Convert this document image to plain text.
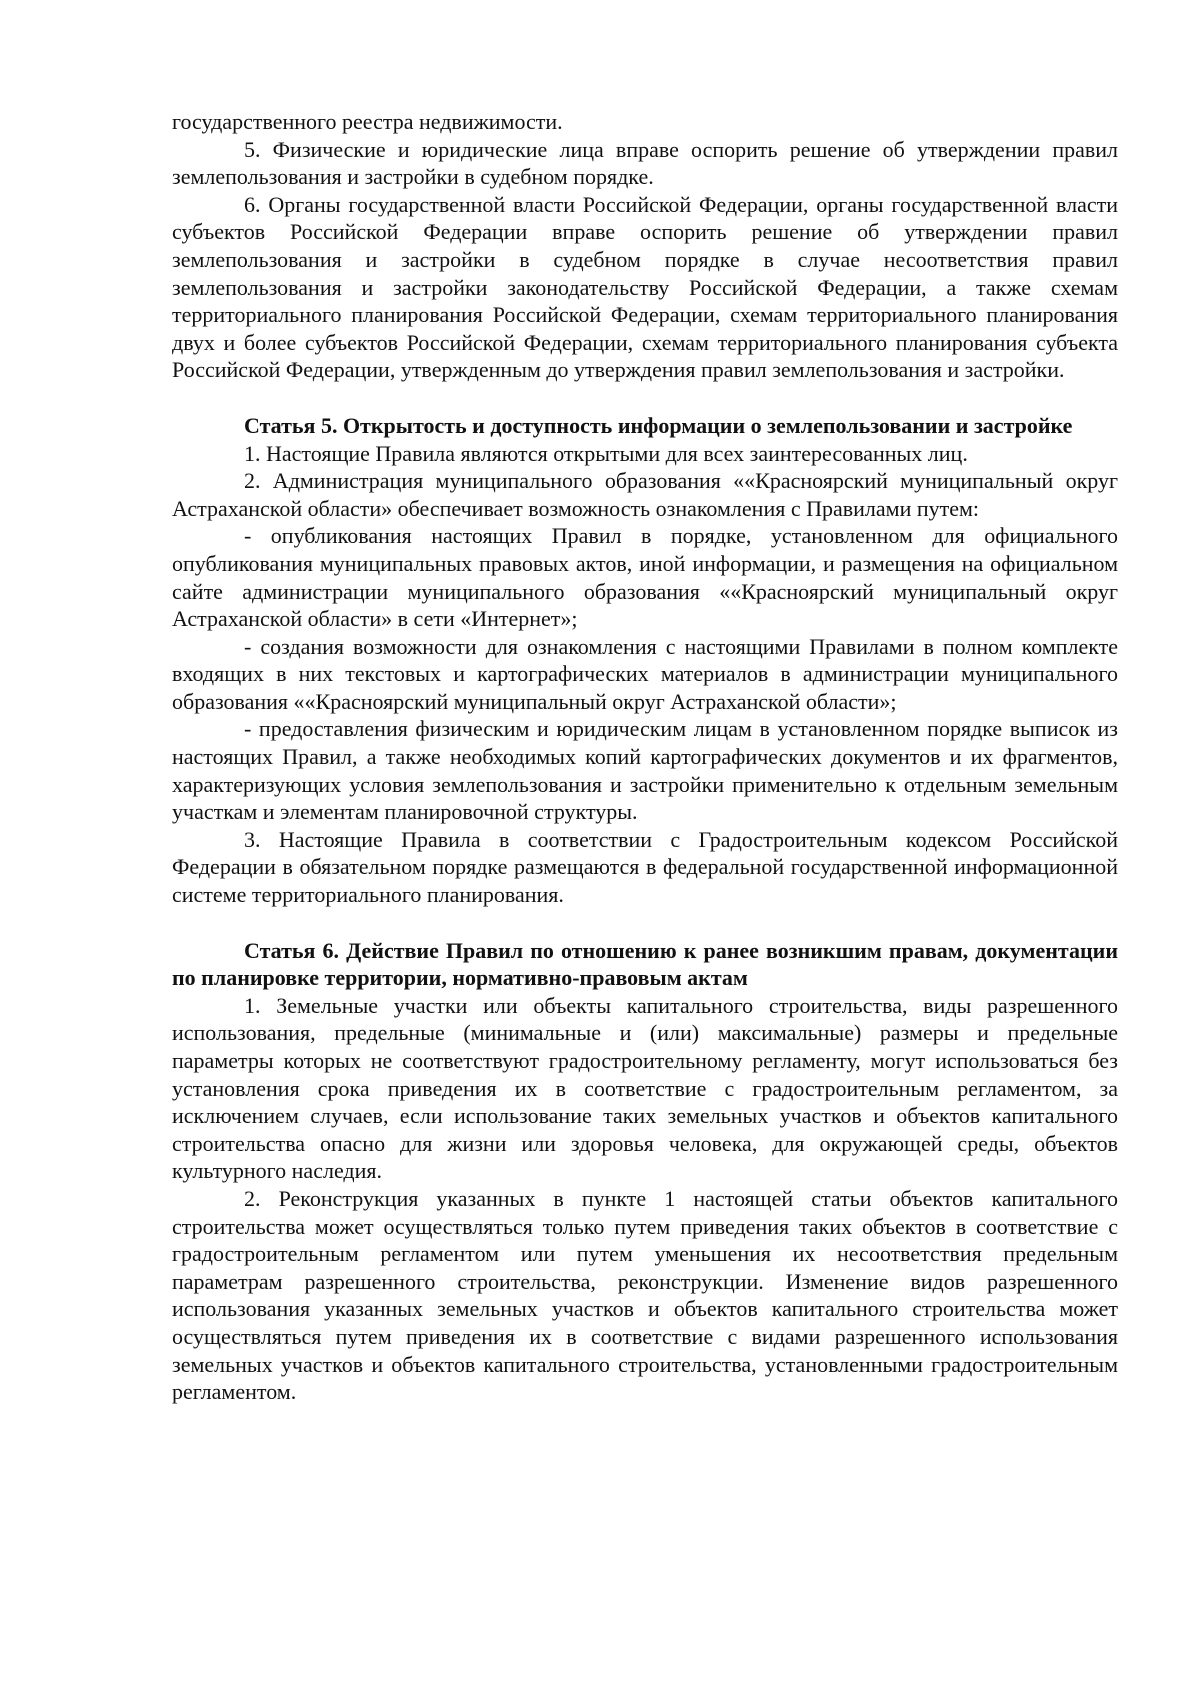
государственного реестра недвижимости.

5. Физические и юридические лица вправе оспорить решение об утверждении правил землепользования и застройки в судебном порядке.

6. Органы государственной власти Российской Федерации, органы государственной власти субъектов Российской Федерации вправе оспорить решение об утверждении правил землепользования и застройки в судебном порядке в случае несоответствия правил землепользования и застройки законодательству Российской Федерации, а также схемам территориального планирования Российской Федерации, схемам территориального планирования двух и более субъектов Российской Федерации, схемам территориального планирования субъекта Российской Федерации, утвержденным до утверждения правил землепользования и застройки.

Статья 5. Открытость и доступность информации о землепользовании и застройке

1. Настоящие Правила являются открытыми для всех заинтересованных лиц.

2. Администрация муниципального образования ««Красноярский муниципальный округ Астраханской области» обеспечивает возможность ознакомления с Правилами путем:

- опубликования настоящих Правил в порядке, установленном для официального опубликования муниципальных правовых актов, иной информации, и размещения на официальном сайте администрации муниципального образования ««Красноярский муниципальный округ Астраханской области» в сети «Интернет»;

- создания возможности для ознакомления с настоящими Правилами в полном комплекте входящих в них текстовых и картографических материалов в администрации муниципального образования ««Красноярский муниципальный округ Астраханской области»;

- предоставления физическим и юридическим лицам в установленном порядке выписок из настоящих Правил, а также необходимых копий картографических документов и их фрагментов, характеризующих условия землепользования и застройки применительно к отдельным земельным участкам и элементам планировочной структуры.

3. Настоящие Правила в соответствии с Градостроительным кодексом Российской Федерации в обязательном порядке размещаются в федеральной государственной информационной системе территориального планирования.

Статья 6. Действие Правил по отношению к ранее возникшим правам, документации по планировке территории, нормативно-правовым актам

1. Земельные участки или объекты капитального строительства, виды разрешенного использования, предельные (минимальные и (или) максимальные) размеры и предельные параметры которых не соответствуют градостроительному регламенту, могут использоваться без установления срока приведения их в соответствие с градостроительным регламентом, за исключением случаев, если использование таких земельных участков и объектов капитального строительства опасно для жизни или здоровья человека, для окружающей среды, объектов культурного наследия.

2. Реконструкция указанных в пункте 1 настоящей статьи объектов капитального строительства может осуществляться только путем приведения таких объектов в соответствие с градостроительным регламентом или путем уменьшения их несоответствия предельным параметрам разрешенного строительства, реконструкции. Изменение видов разрешенного использования указанных земельных участков и объектов капитального строительства может осуществляться путем приведения их в соответствие с видами разрешенного использования земельных участков и объектов капитального строительства, установленными градостроительным регламентом.
